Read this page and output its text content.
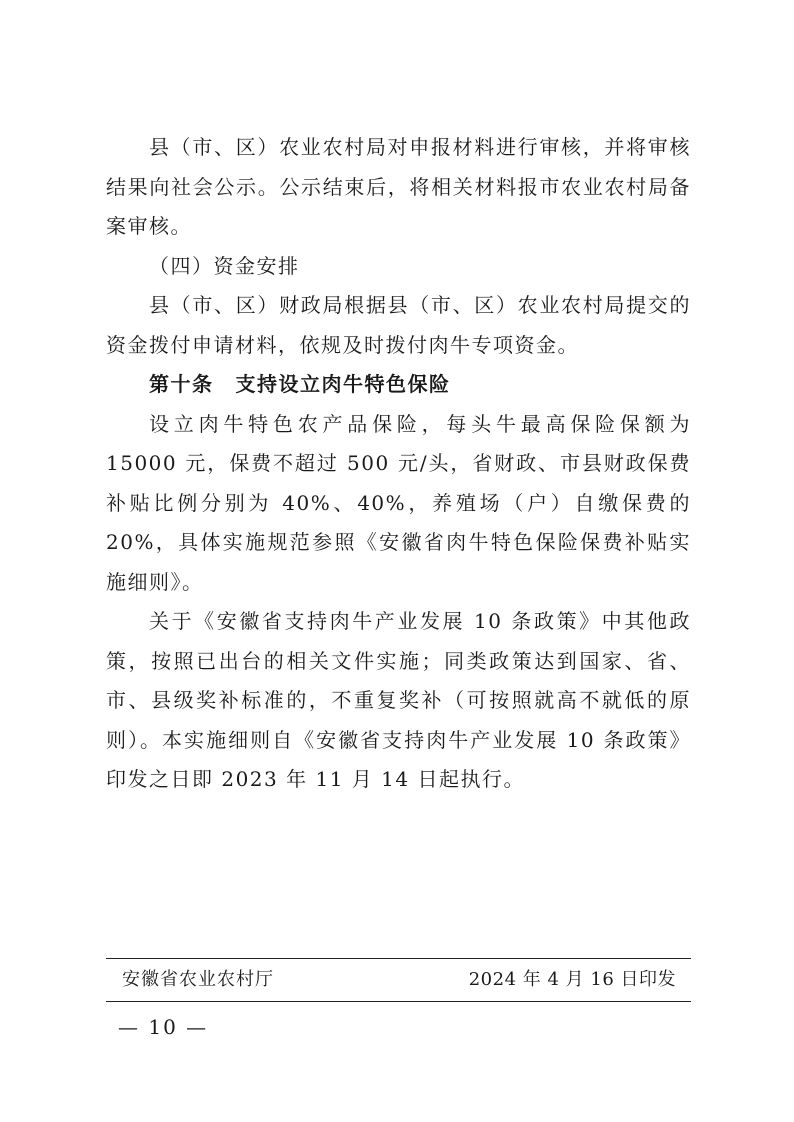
县（市、区）农业农村局对申报材料进行审核，并将审核结果向社会公示。公示结束后，将相关材料报市农业农村局备案审核。

（四）资金安排

县（市、区）财政局根据县（市、区）农业农村局提交的资金拨付申请材料，依规及时拨付肉牛专项资金。

第十条 支持设立肉牛特色保险

设立肉牛特色农产品保险，每头牛最高保险保额为 15000 元，保费不超过 500 元/头，省财政、市县财政保费补贴比例分别为 40%、40%，养殖场（户）自缴保费的 20%，具体实施规范参照《安徽省肉牛特色保险保费补贴实施细则》。

关于《安徽省支持肉牛产业发展 10 条政策》中其他政策，按照已出台的相关文件实施；同类政策达到国家、省、市、县级奖补标准的，不重复奖补（可按照就高不就低的原则）。本实施细则自《安徽省支持肉牛产业发展 10 条政策》印发之日即 2023 年 11 月 14 日起执行。

安徽省农业农村厅	2024 年 4 月 16 日印发
— 10 —
